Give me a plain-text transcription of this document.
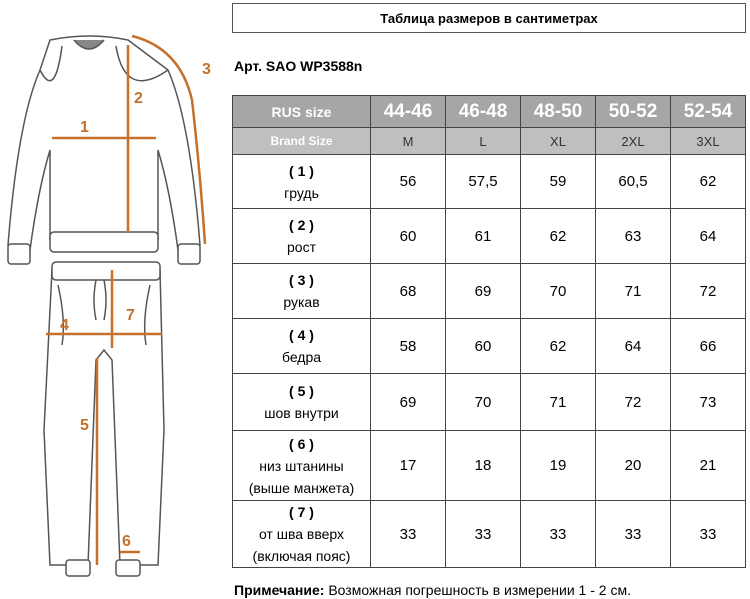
1
2
3
4
5
6
7
Таблица размеров в сантиметрах
Арт. SAO WP3588n
RUS size	44-46	46-48	48-50	50-52	52-54
Brand Size	M	L	XL	2XL	3XL

( 1 )
грудь	56	57,5	59	60,5	62

( 2 )
рост	60	61	62	63	64

( 3 )
рукав	68	69	70	71	72

( 4 )
бедра	58	60	62	64	66

( 5 )
шов внутри	69	70	71	72	73

( 6 )
низ штанины
(выше манжета)	17	18	19	20	21

( 7 )
от шва вверх
(включая пояс)	33	33	33	33	33
Примечание: Возможная погрешность в измерении 1 - 2 см.
